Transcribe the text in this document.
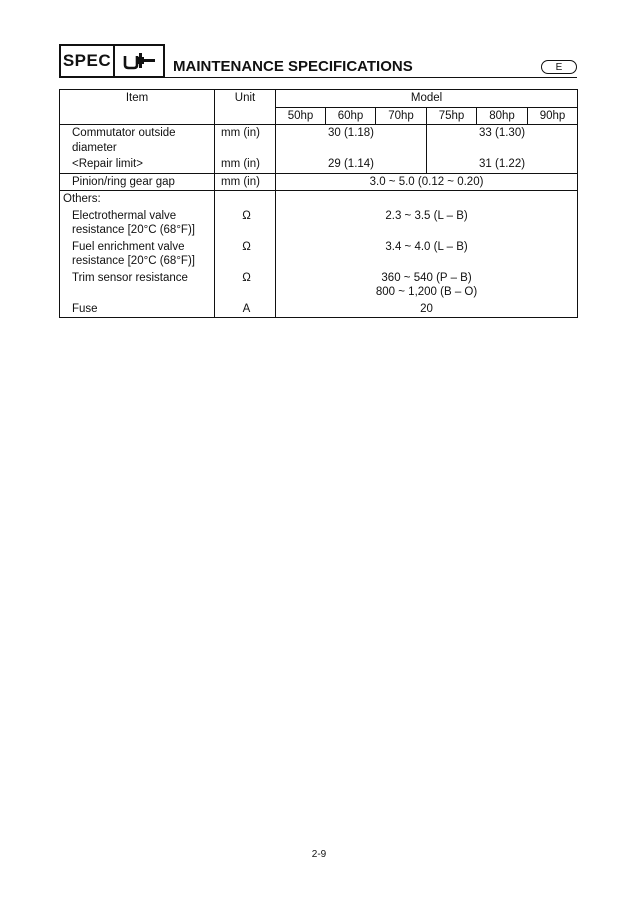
SPEC	MAINTENANCE SPECIFICATIONS	E
Item	Unit	Model					
		50hp	60hp	70hp	75hp	80hp	90hp
Commutator outside diameter	mm (in)	30 (1.18)			33 (1.30)		
<Repair limit>	mm (in)	29 (1.14)			31 (1.22)		
Pinion/ring gear gap	mm (in)	3.0 ~ 5.0 (0.12 ~ 0.20)					
Others:							

Electrothermal valve
resistance [20°C (68°F)]	Ω	2.3 ~ 3.5 (L – B)					

Fuel enrichment valve
resistance [20°C (68°F)]	Ω	3.4 ~ 4.0 (L – B)					
Trim sensor resistance	Ω	360 ~ 540 (P – B)
800 ~ 1,200 (B – O)					

Fuse	A	20					
2-9
